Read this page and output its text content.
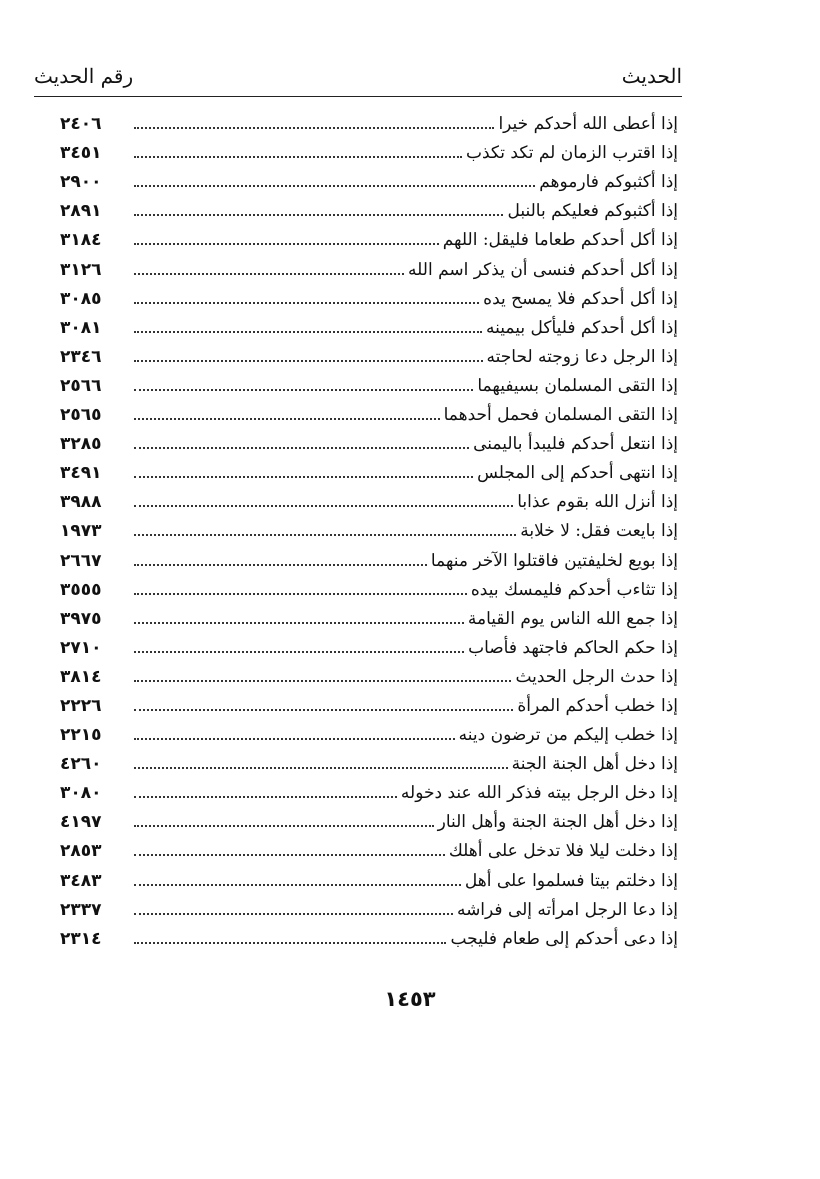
الحديث
رقم الحديث
إذا أعطى الله أحدكم خيرا
٢٤٠٦
إذا اقترب الزمان لم تكد تكذب
٣٤٥١
إذا أكثبوكم فارموهم
٢٩٠٠
إذا أكثبوكم فعليكم بالنبل
٢٨٩١
إذا أكل أحدكم طعاما فليقل: اللهم
٣١٨٤
إذا أكل أحدكم فنسى أن يذكر اسم الله
٣١٢٦
إذا أكل أحدكم فلا يمسح يده
٣٠٨٥
إذا أكل أحدكم فليأكل بيمينه
٣٠٨١
إذا الرجل دعا زوجته لحاجته
٢٣٤٦
إذا التقى المسلمان بسيفيهما
٢٥٦٦
إذا التقى المسلمان فحمل أحدهما
٢٥٦٥
إذا انتعل أحدكم فليبدأ باليمنى
٣٢٨٥
إذا انتهى أحدكم إلى المجلس
٣٤٩١
إذا أنزل الله بقوم عذابا
٣٩٨٨
إذا بايعت فقل: لا خلابة
١٩٧٣
إذا بويع لخليفتين فاقتلوا الآخر منهما
٢٦٦٧
إذا تثاءب أحدكم فليمسك بيده
٣٥٥٥
إذا جمع الله الناس يوم القيامة
٣٩٧٥
إذا حكم الحاكم فاجتهد فأصاب
٢٧١٠
إذا حدث الرجل الحديث
٣٨١٤
إذا خطب أحدكم المرأة
٢٢٢٦
إذا خطب إليكم من ترضون دينه
٢٢١٥
إذا دخل أهل الجنة الجنة
٤٢٦٠
إذا دخل الرجل بيته فذكر الله عند دخوله
٣٠٨٠
إذا دخل أهل الجنة الجنة وأهل النار
٤١٩٧
إذا دخلت ليلا فلا تدخل على أهلك
٢٨٥٣
إذا دخلتم بيتا فسلموا على أهل
٣٤٨٣
إذا دعا الرجل امرأته إلى فراشه
٢٣٣٧
إذا دعى أحدكم إلى طعام فليجب
٢٣١٤
١٤٥٣
